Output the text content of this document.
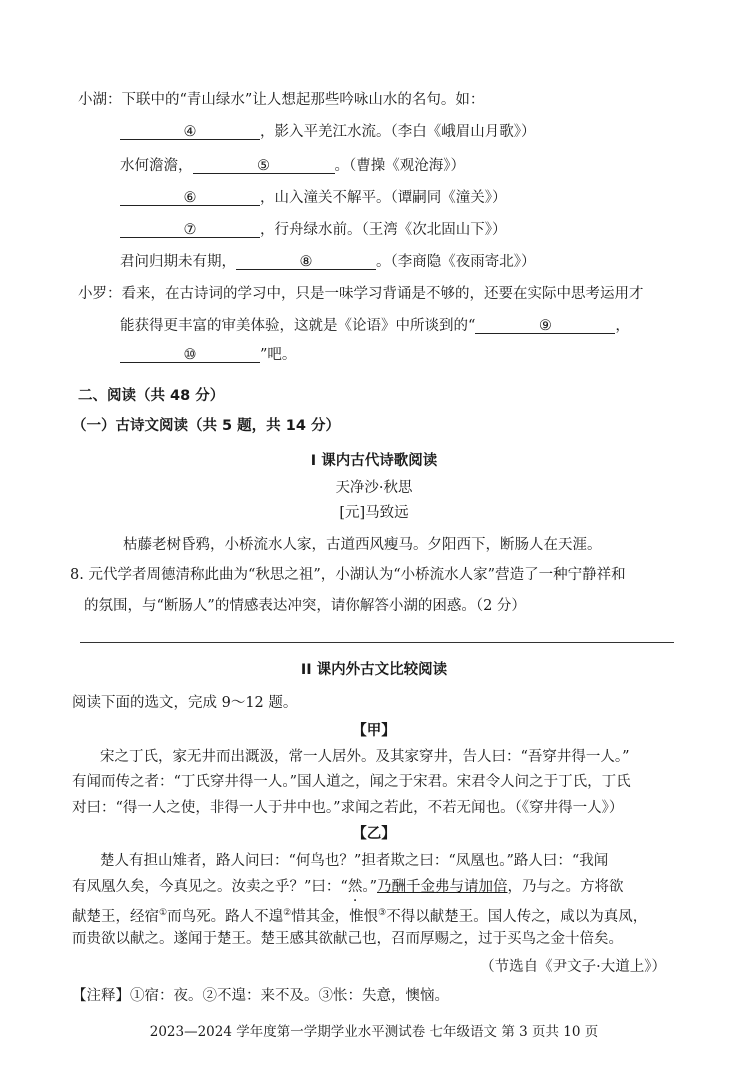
小湖：下联中的“青山绿水”让人想起那些吟咏山水的名句。如：
④	，影入平羌江水流。（李白《峨眉山月歌》）
水何澹澹，	⑤	。（曹操《观沧海》）
⑥	，山入潼关不解平。（谭嗣同《潼关》）
⑦	，行舟绿水前。（王湾《次北固山下》）
君问归期未有期，	⑧	。（李商隐《夜雨寄北》）
小罗：看来，在古诗词的学习中，只是一味学习背诵是不够的，还要在实际中思考运用才
能获得更丰富的审美体验，这就是《论语》中所谈到的“	⑨	，
⑩	”吧。
二、阅读（共 48 分）
（一）古诗文阅读（共 5 题，共 14 分）
I 课内古代诗歌阅读
天净沙·秋思
[元]马致远
枯藤老树昏鸦，小桥流水人家，古道西风瘦马。夕阳西下，断肠人在天涯。
8. 元代学者周德清称此曲为“秋思之祖”，小湖认为“小桥流水人家”营造了一种宁静祥和
的氛围，与“断肠人”的情感表达冲突，请你解答小湖的困惑。（2 分）
II 课内外古文比较阅读
阅读下面的选文，完成 9～12 题。
【甲】
宋之丁氏，家无井而出溉汲，常一人居外。及其家穿井，告人曰：“吾穿井得一人。”
有闻而传之者：“丁氏穿井得一人。”国人道之，闻之于宋君。宋君令人问之于丁氏，丁氏
对曰：“得一人之使，非得一人于井中也。”求闻之若此，不若无闻也。（《穿井得一人》）
【乙】
楚人有担山雉者，路人问曰：“何鸟也？”担者欺之曰：“凤凰也。”路人曰：“我闻
有凤凰久矣，今真见之。汝卖之乎？”曰：“然。”乃酬千金弗与请加倍，乃与之。方将欲
献楚王，经宿①而鸟死。路人不遑②惜其金，惟恨③不得以献楚王。国人传之，咸以为真凤，
而贵欲以献之。遂闻于楚王。楚王感其欲献己也，召而厚赐之，过于买鸟之金十倍矣。
（节选自《尹文子·大道上》）
【注释】①宿：夜。②不遑：来不及。③怅：失意，懊恼。
2023—2024 学年度第一学期学业水平测试卷 七年级语文 第 3 页共 10 页
